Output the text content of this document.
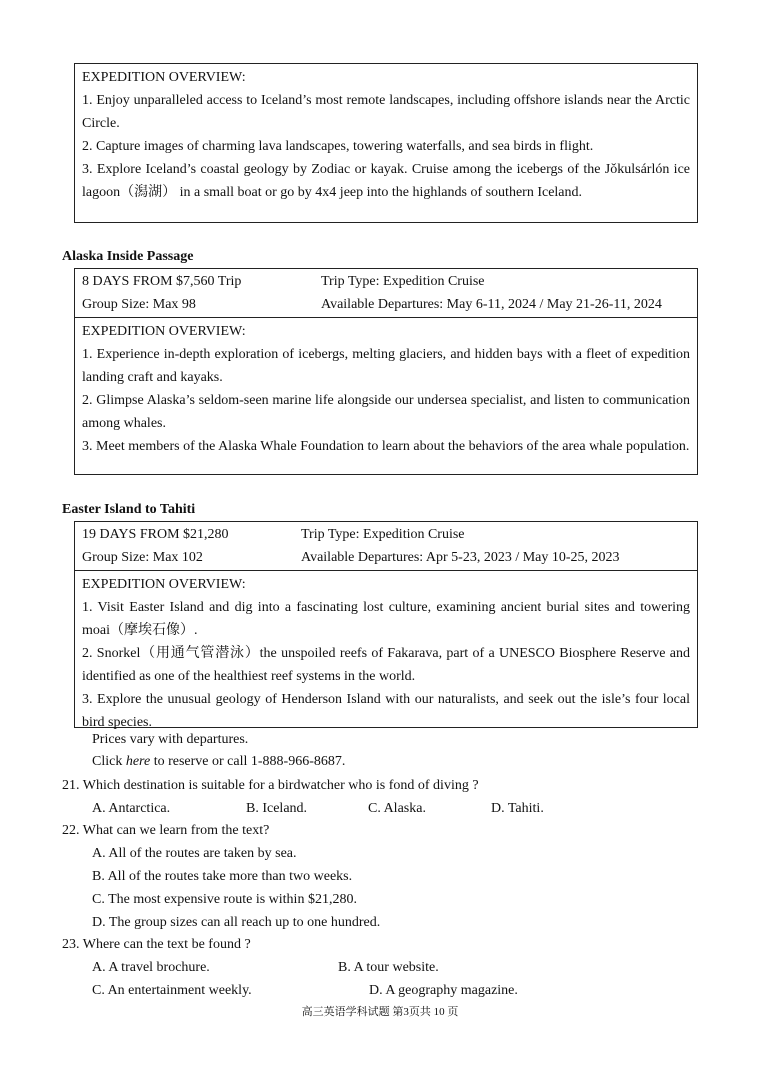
EXPEDITION OVERVIEW:

1. Enjoy unparalleled access to Iceland’s most remote landscapes, including offshore islands near the Arctic Circle.

2. Capture images of charming lava landscapes, towering waterfalls, and sea birds in flight.

3. Explore Iceland’s coastal geology by Zodiac or kayak. Cruise among the icebergs of the Jǒkulsárlón ice lagoon（潟湖） in a small boat or go by 4x4 jeep into the highlands of southern Iceland.

Alaska Inside Passage
8 DAYS FROM $7,560 Trip	Trip Type: Expedition Cruise
Group Size: Max 98	Available Departures: May 6-11, 2024 / May 21-26-11, 2024

EXPEDITION OVERVIEW:

1. Experience in-depth exploration of icebergs, melting glaciers, and hidden bays with a fleet of expedition landing craft and kayaks.

2. Glimpse Alaska’s seldom-seen marine life alongside our undersea specialist, and listen to communication among whales.

3. Meet members of the Alaska Whale Foundation to learn about the behaviors of the area whale population.

Easter Island to Tahiti
19 DAYS FROM $21,280	Trip Type: Expedition Cruise
Group Size: Max 102	Available Departures: Apr 5-23, 2023 / May 10-25, 2023

EXPEDITION OVERVIEW:

1. Visit Easter Island and dig into a fascinating lost culture, examining ancient burial sites and towering moai（摩埃石像）.

2. Snorkel（用通气管潜泳）the unspoiled reefs of Fakarava, part of a UNESCO Biosphere Reserve and identified as one of the healthiest reef systems in the world.

3. Explore the unusual geology of Henderson Island with our naturalists, and seek out the isle’s four local bird species.

Prices vary with departures.
Click here to reserve or call 1-888-966-8687.
21. Which destination is suitable for a birdwatcher who is fond of diving ?
A. Antarctica.	B. Iceland.	C. Alaska.	D. Tahiti.
22. What can we learn from the text?
A. All of the routes are taken by sea.
B. All of the routes take more than two weeks.
C. The most expensive route is within $21,280.
D. The group sizes can all reach up to one hundred.
23. Where can the text be found ?
A. A travel brochure.	B. A tour website.
C. An entertainment weekly.	D. A geography magazine.
高三英语学科试题 第3页共 10 页
